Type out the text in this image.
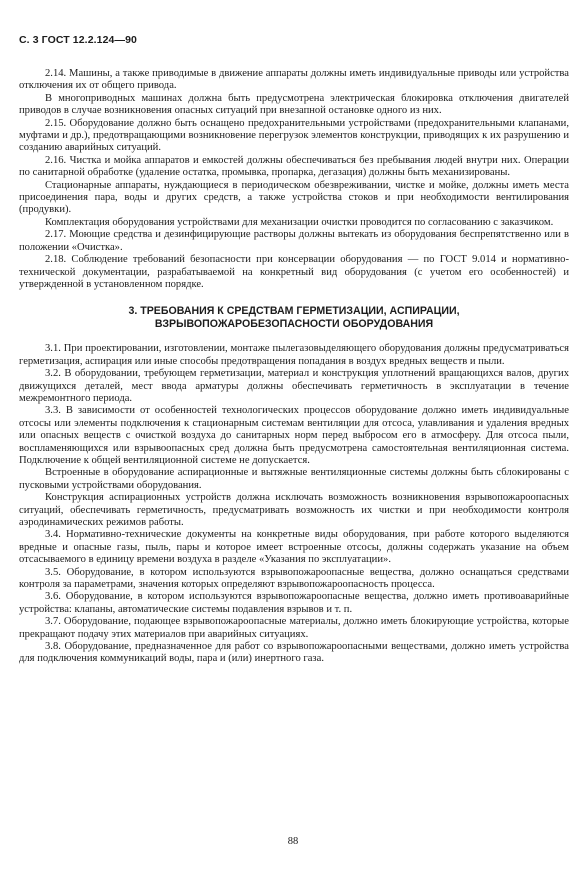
С. 3 ГОСТ 12.2.124—90

2.14. Машины, а также приводимые в движение аппараты должны иметь индивидуальные приводы или устройства отключения их от общего привода.

В многоприводных машинах должна быть предусмотрена электрическая блокировка отключения двигателей приводов в случае возникновения опасных ситуаций при внезапной остановке одного из них.

2.15. Оборудование должно быть оснащено предохранительными устройствами (предохранительными клапанами, муфтами и др.), предотвращающими возникновение перегрузок элементов конструкции, приводящих к их разрушению и созданию аварийных ситуаций.

2.16. Чистка и мойка аппаратов и емкостей должны обеспечиваться без пребывания людей внутри них. Операции по санитарной обработке (удаление остатка, промывка, пропарка, дегазация) должны быть механизированы.

Стационарные аппараты, нуждающиеся в периодическом обезвреживании, чистке и мойке, должны иметь места присоединения пара, воды и других средств, а также устройства стоков и при необходимости вентилирования (продувки).

Комплектация оборудования устройствами для механизации очистки проводится по согласованию с заказчиком.

2.17. Моющие средства и дезинфицирующие растворы должны вытекать из оборудования беспрепятственно или в положении «Очистка».

2.18. Соблюдение требований безопасности при консервации оборудования — по ГОСТ 9.014 и нормативно-технической документации, разрабатываемой на конкретный вид оборудования (с учетом его особенностей) и утвержденной в установленном порядке.

3. ТРЕБОВАНИЯ К СРЕДСТВАМ ГЕРМЕТИЗАЦИИ, АСПИРАЦИИ,
ВЗРЫВОПОЖАРОБЕЗОПАСНОСТИ ОБОРУДОВАНИЯ

3.1. При проектировании, изготовлении, монтаже пылегазовыделяющего оборудования должны предусматриваться герметизация, аспирация или иные способы предотвращения попадания в воздух вредных веществ и пыли.

3.2. В оборудовании, требующем герметизации, материал и конструкция уплотнений вращающихся валов, других движущихся деталей, мест ввода арматуры должны обеспечивать герметичность в эксплуатации в течение межремонтного периода.

3.3. В зависимости от особенностей технологических процессов оборудование должно иметь индивидуальные отсосы или элементы подключения к стационарным системам вентиляции для отсоса, улавливания и удаления вредных или опасных веществ с очисткой воздуха до санитарных норм перед выбросом его в атмосферу. Для отсоса пыли, воспламеняющихся или взрывоопасных сред должна быть предусмотрена самостоятельная вентиляционная система. Подключение к общей вентиляционной системе не допускается.

Встроенные в оборудование аспирационные и вытяжные вентиляционные системы должны быть сблокированы с пусковыми устройствами оборудования.

Конструкция аспирационных устройств должна исключать возможность возникновения взрывопожароопасных ситуаций, обеспечивать герметичность, предусматривать возможность их чистки и при необходимости контроля аэродинамических режимов работы.

3.4. Нормативно-технические документы на конкретные виды оборудования, при работе которого выделяются вредные и опасные газы, пыль, пары и которое имеет встроенные отсосы, должны содержать указание на объем отсасываемого в единицу времени воздуха в разделе «Указания по эксплуатации».

3.5. Оборудование, в котором используются взрывопожароопасные вещества, должно оснащаться средствами контроля за параметрами, значения которых определяют взрывопожароопасность процесса.

3.6. Оборудование, в котором используются взрывопожароопасные вещества, должно иметь противоаварийные устройства: клапаны, автоматические системы подавления взрывов и т. п.

3.7. Оборудование, подающее взрывопожароопасные материалы, должно иметь блокирующие устройства, которые прекращают подачу этих материалов при аварийных ситуациях.

3.8. Оборудование, предназначенное для работ со взрывопожароопасными веществами, должно иметь устройства для подключения коммуникаций воды, пара и (или) инертного газа.

88
